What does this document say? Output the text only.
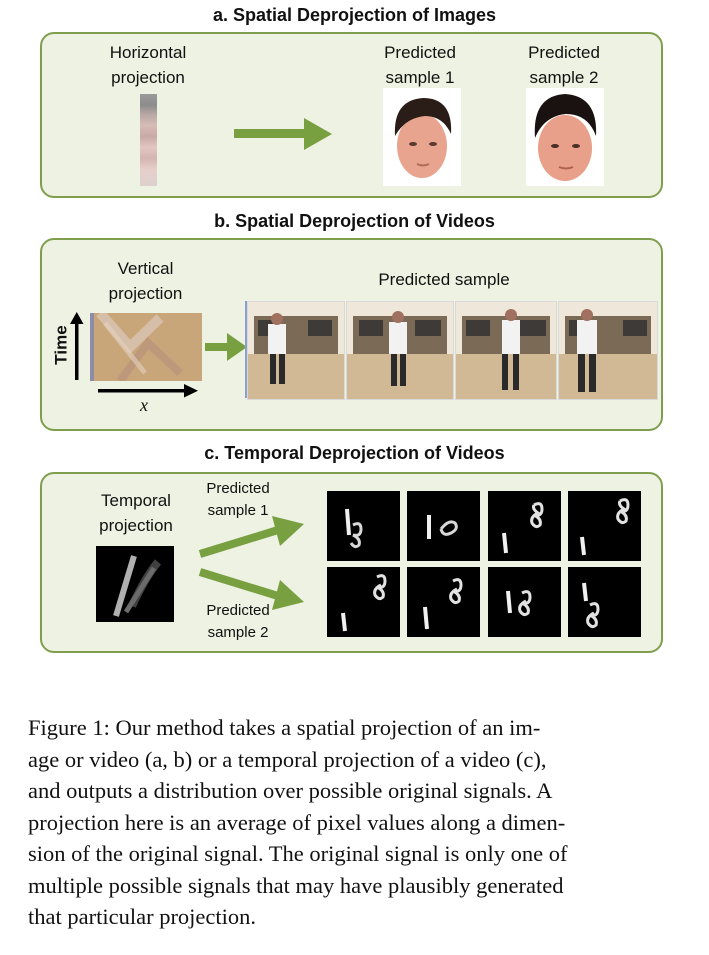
a. Spatial Deprojection of Images
Horizontal
projection
Predicted
sample 1
Predicted
sample 2
b. Spatial Deprojection of Videos
Vertical
projection
Predicted sample
Time
x
c. Temporal Deprojection of Videos
Temporal
projection
Predicted
sample 1
Predicted
sample 2
Figure 1: Our method takes a spatial projection of an im-
age or video (a, b) or a temporal projection of a video (c),
and outputs a distribution over possible original signals. A
projection here is an average of pixel values along a dimen-
sion of the original signal. The original signal is only one of
multiple possible signals that may have plausibly generated
that particular projection.
